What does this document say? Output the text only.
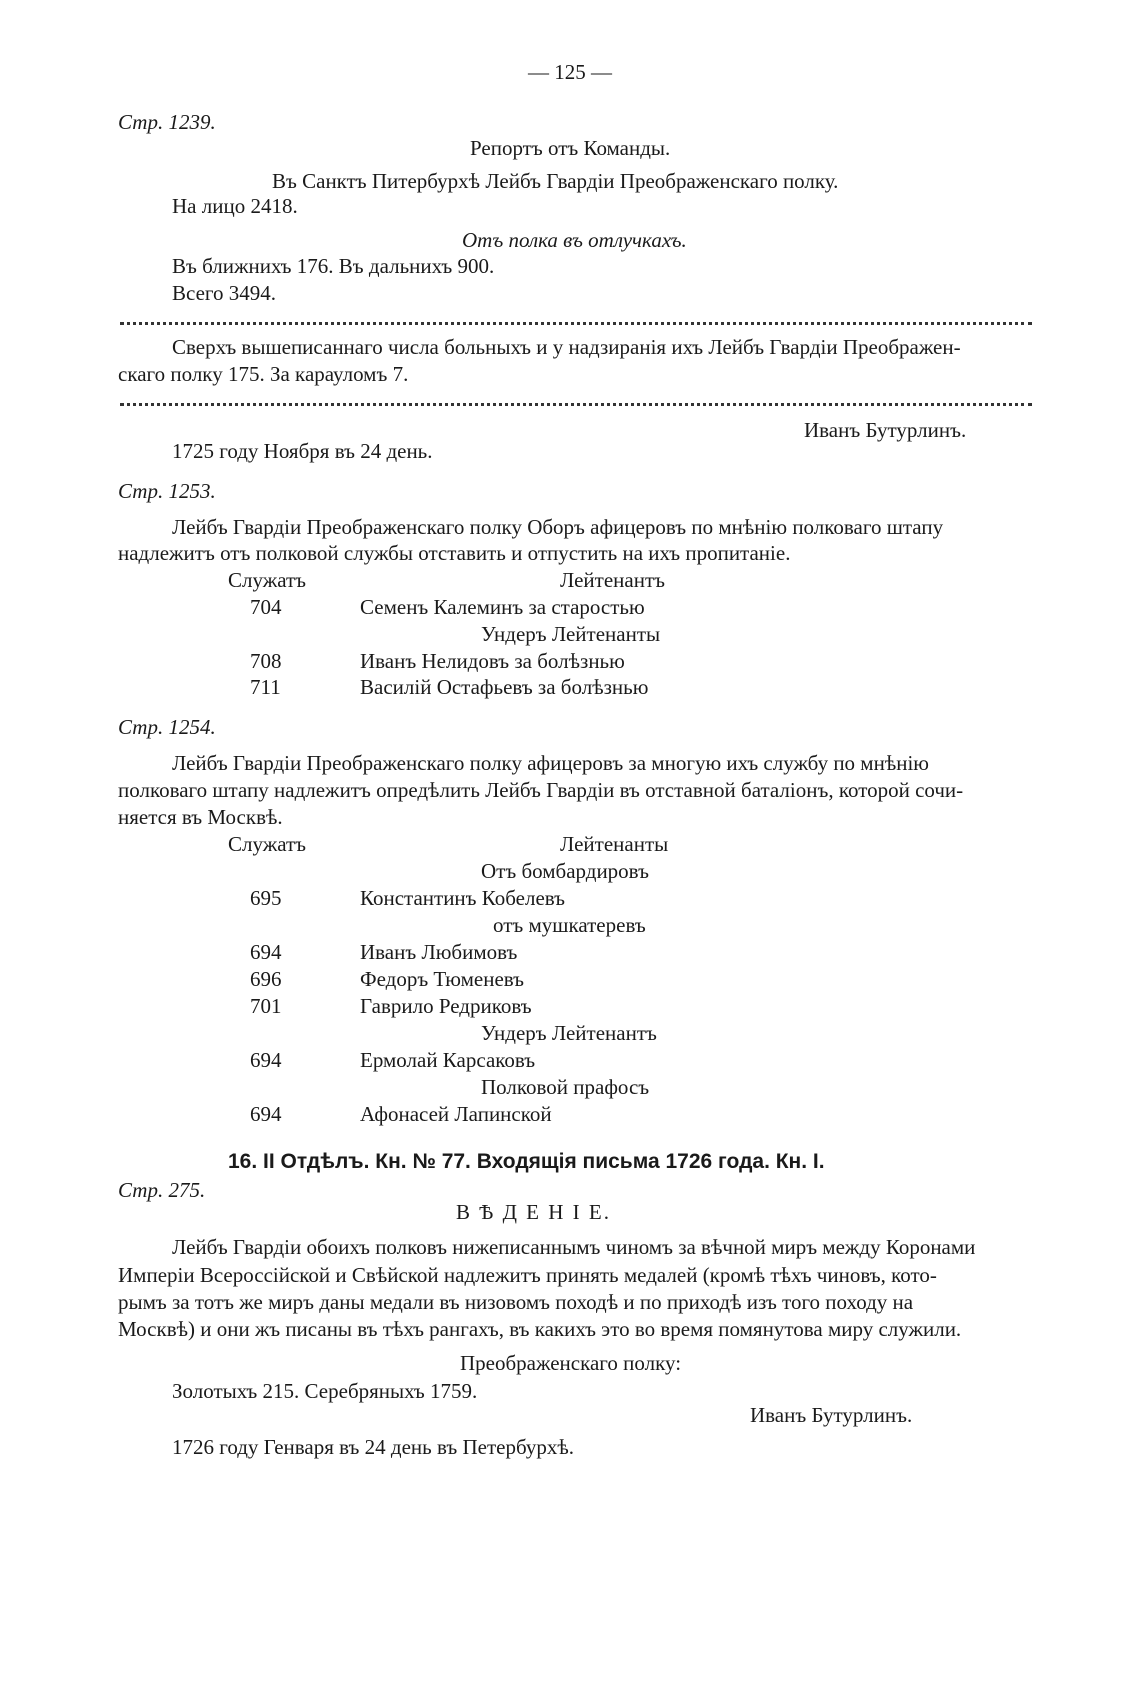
— 125 —
Стр. 1239.
Репортъ отъ Команды.
Въ Санктъ Питербурхѣ Лейбъ Гвардіи Преображенскаго полку.
На лицо 2418.
Отъ полка въ отлучкахъ.
Въ ближнихъ 176. Въ дальнихъ 900.
Всего 3494.
Сверхъ вышеписаннаго числа больныхъ и у надзиранія ихъ Лейбъ Гвардіи Преображен-
скаго полку 175. За карауломъ 7.
Иванъ Бутурлинъ.
1725 году Ноября въ 24 день.
Стр. 1253.
Лейбъ Гвардіи Преображенскаго полку Оборъ афицеровъ по мнѣнію полковаго штапу
надлежитъ отъ полковой службы отставить и отпустить на ихъ пропитаніе.
Служатъ	Лейтенантъ
704	Семенъ Калеминъ за старостью
Ундеръ Лейтенанты
708	Иванъ Нелидовъ за болѣзнью
711	Василій Остафьевъ за болѣзнью
Стр. 1254.
Лейбъ Гвардіи Преображенскаго полку афицеровъ за многую ихъ службу по мнѣнію
полковаго штапу надлежитъ опредѣлить Лейбъ Гвардіи въ отставной баталіонъ, которой сочи-
няется въ Москвѣ.
Служатъ	Лейтенанты
Отъ бомбардировъ
695	Константинъ Кобелевъ
отъ мушкатеревъ
694	Иванъ Любимовъ
696	Федоръ Тюменевъ
701	Гаврило Редриковъ
Ундеръ Лейтенантъ
694	Ермолай Карсаковъ
Полковой прафосъ
694	Афонасей Лапинской
16. II Отдѣлъ. Кн. № 77. Входящія письма 1726 года. Кн. I.
Стр. 275.
В Ѣ Д Е Н І Е.
Лейбъ Гвардіи обоихъ полковъ нижеписаннымъ чиномъ за вѣчной миръ между Коронами
Имперіи Всероссійской и Свѣйской надлежитъ принять медалей (кромѣ тѣхъ чиновъ, кото-
рымъ за тотъ же миръ даны медали въ низовомъ походѣ и по приходѣ изъ того походу на
Москвѣ) и они жъ писаны въ тѣхъ рангахъ, въ какихъ это во время помянутова миру служили.
Преображенскаго полку:
Золотыхъ 215. Серебряныхъ 1759.
Иванъ Бутурлинъ.
1726 году Генваря въ 24 день въ Петербурхѣ.
